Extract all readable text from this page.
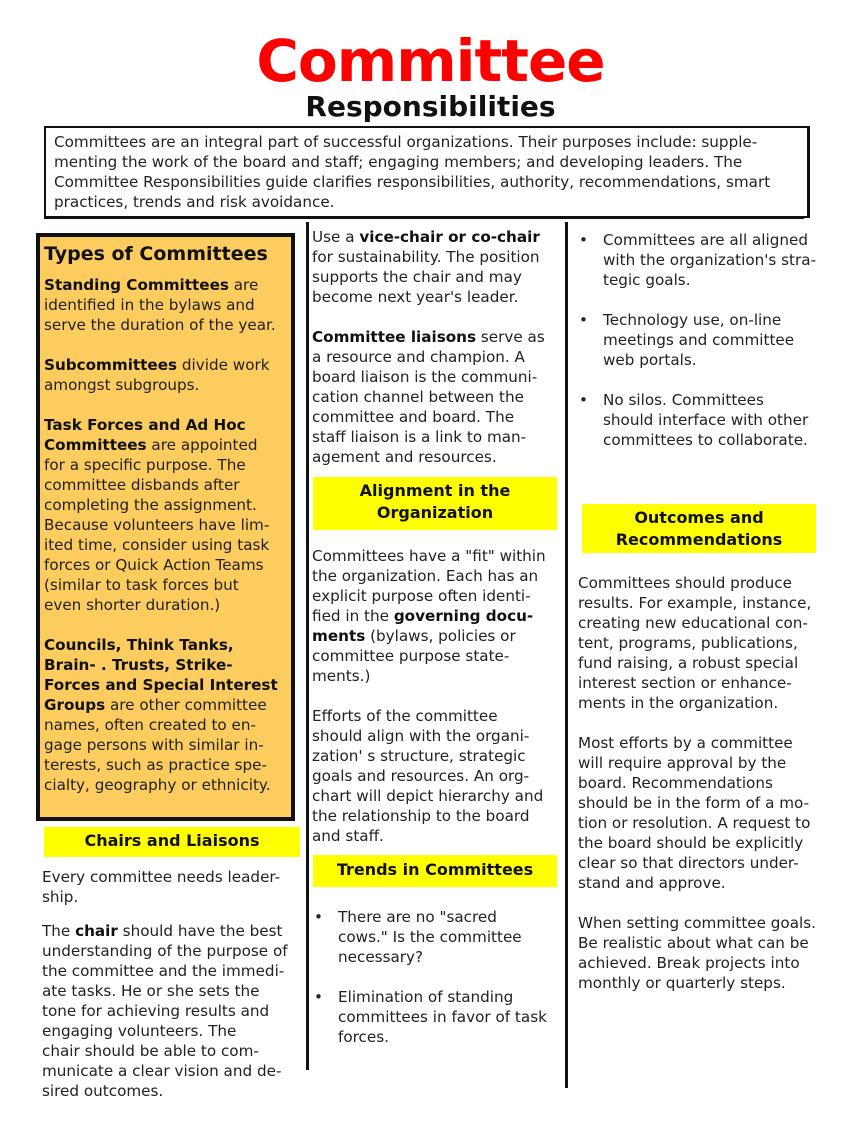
Committee
Responsibilities
Committees are an integral part of successful organizations. Their purposes include: supple-
menting the work of the board and staff; engaging members; and developing leaders. The
Committee Responsibilities guide clarifies responsibilities, authority, recommendations, smart
practices, trends and risk avoidance.
Types of Committees
Standing Committees are
identified in the bylaws and
serve the duration of the year.
Subcommittees divide work
amongst subgroups.
Task Forces and Ad Hoc
Committees are appointed
for a specific purpose. The
committee disbands after
completing the assignment.
Because volunteers have lim-
ited time, consider using task
forces or Quick Action Teams
(similar to task forces but
even shorter duration.)
Councils, Think Tanks,
Brain- . Trusts, Strike-
Forces and Special Interest
Groups are other committee
names, often created to en-
gage persons with similar in-
terests, such as practice spe-
cialty, geography or ethnicity.
Chairs and Liaisons
Every committee needs leader-
ship.
The chair should have the best
understanding of the purpose of
the committee and the immedi-
ate tasks. He or she sets the
tone for achieving results and
engaging volunteers. The
chair should be able to com-
municate a clear vision and de-
sired outcomes.
Use a vice-chair or co-chair
for sustainability. The position
supports the chair and may
become next year's leader.
Committee liaisons serve as
a resource and champion. A
board liaison is the communi-
cation channel between the
committee and board. The
staff liaison is a link to man-
agement and resources.
Alignment in the
Organization
Committees have a "fit" within
the organization. Each has an
explicit purpose often identi-
fied in the governing docu-
ments (bylaws, policies or
committee purpose state-
ments.)
Efforts of the committee
should align with the organi-
zation' s structure, strategic
goals and resources. An org-
chart will depict hierarchy and
the relationship to the board
and staff.
Trends in Committees
• There are no "sacred
cows." Is the committee
necessary?
• Elimination of standing
committees in favor of task
forces.
• Committees are all aligned
with the organization's stra-
tegic goals.
• Technology use, on-line
meetings and committee
web portals.
• No silos. Committees
should interface with other
committees to collaborate.
Outcomes and
Recommendations
Committees should produce
results. For example, instance,
creating new educational con-
tent, programs, publications,
fund raising, a robust special
interest section or enhance-
ments in the organization.
Most efforts by a committee
will require approval by the
board. Recommendations
should be in the form of a mo-
tion or resolution. A request to
the board should be explicitly
clear so that directors under-
stand and approve.
When setting committee goals.
Be realistic about what can be
achieved. Break projects into
monthly or quarterly steps.
